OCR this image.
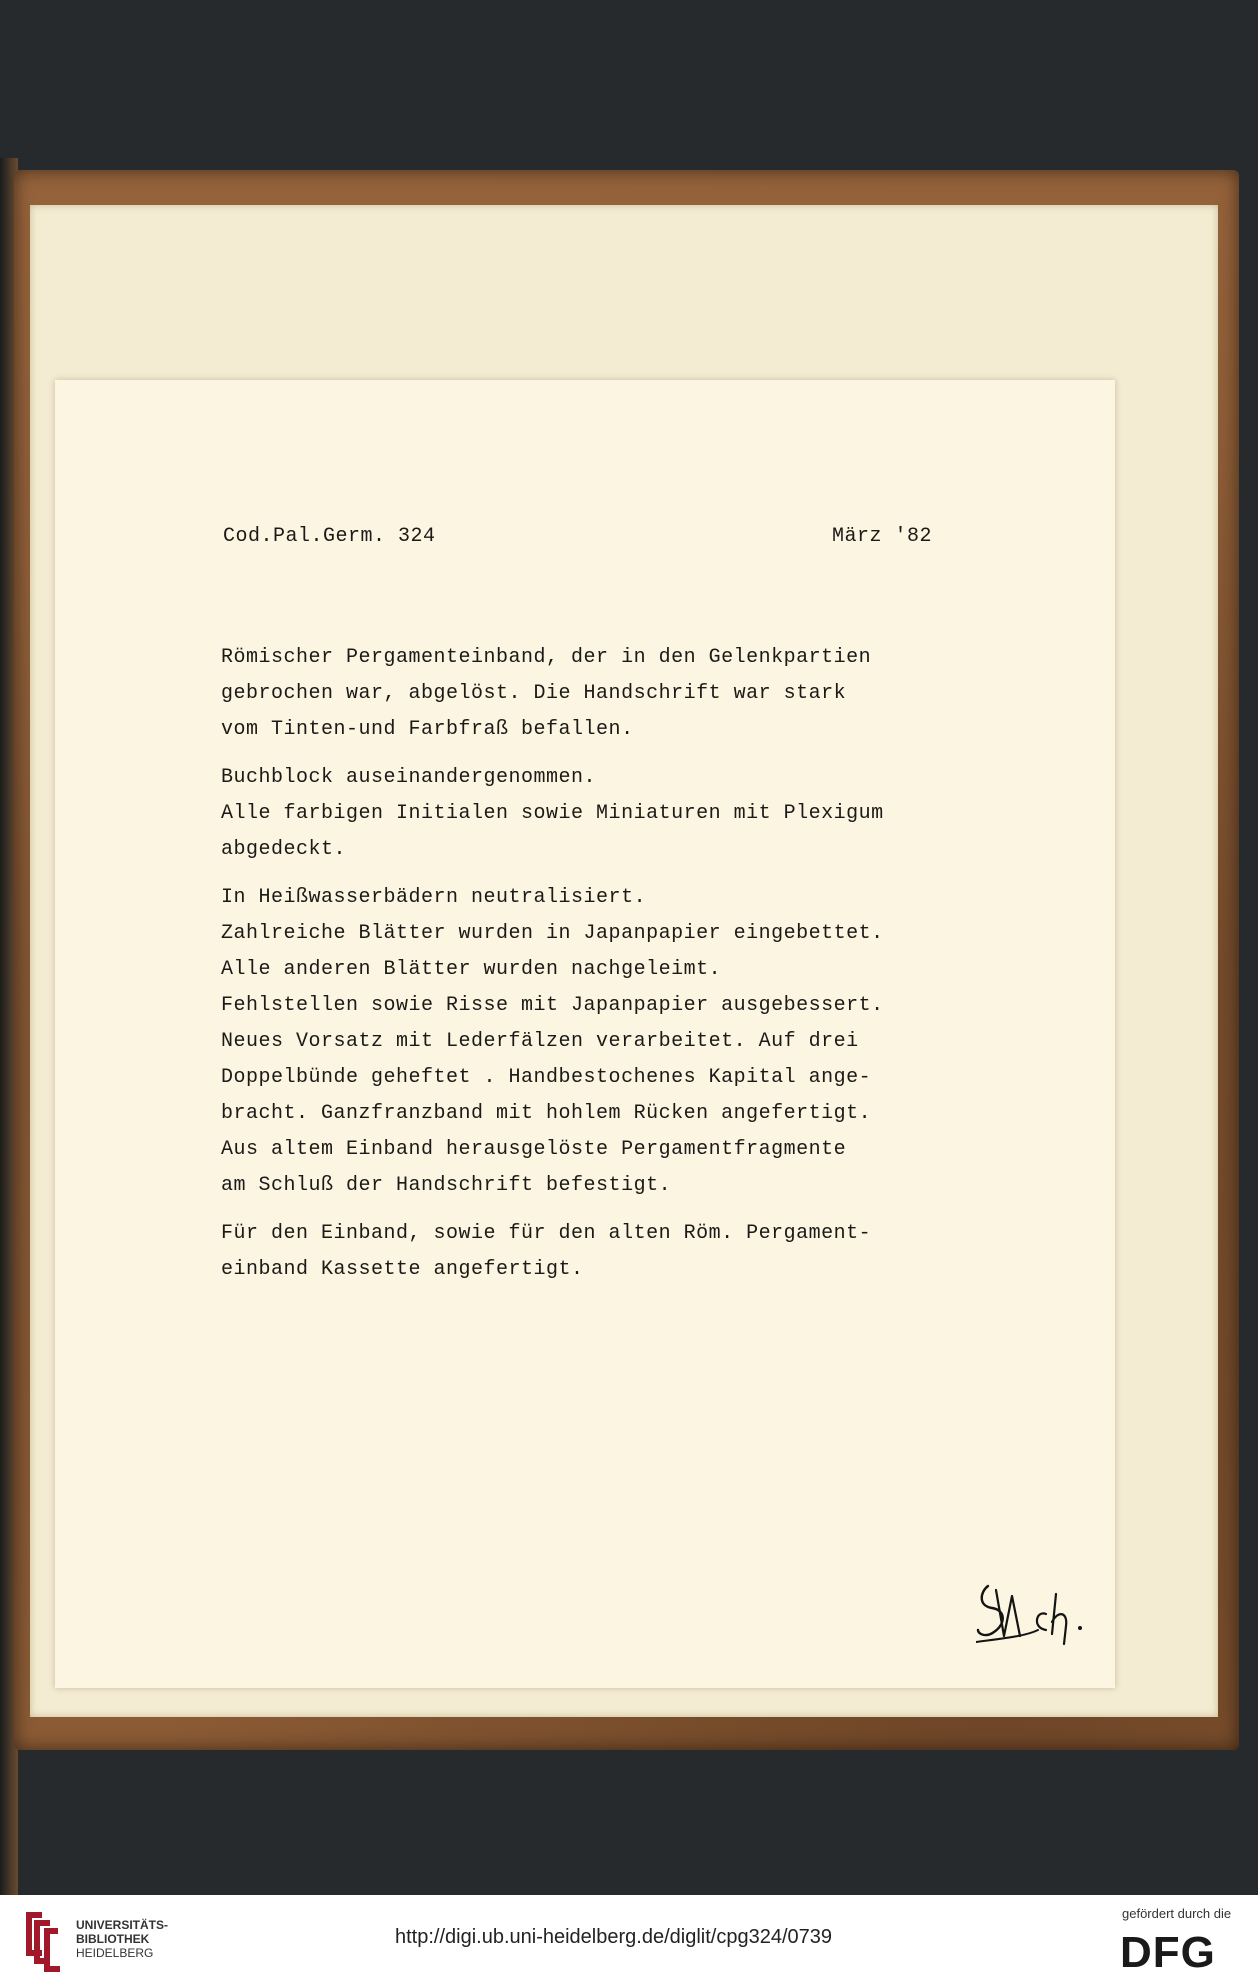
Cod.Pal.Germ. 324	März '82

Römischer Pergamenteinband, der in den Gelenkpartien
gebrochen war, abgelöst. Die Handschrift war stark
vom Tinten-und Farbfraß befallen.

Buchblock auseinandergenommen.
Alle farbigen Initialen sowie Miniaturen mit Plexigum
abgedeckt.

In Heißwasserbädern neutralisiert.
Zahlreiche Blätter wurden in Japanpapier eingebettet.
Alle anderen Blätter wurden nachgeleimt.
Fehlstellen sowie Risse mit Japanpapier ausgebessert.
Neues Vorsatz mit Lederfälzen verarbeitet. Auf drei
Doppelbünde geheftet . Handbestochenes Kapital ange-
bracht. Ganzfranzband mit hohlem Rücken angefertigt.
Aus altem Einband herausgelöste Pergamentfragmente
am Schluß der Handschrift befestigt.

Für den Einband, sowie für den alten Röm. Pergament-
einband Kassette angefertigt.

UNIVERSITÄTS-
BIBLIOTHEK
HEIDELBERG
http://digi.ub.uni-heidelberg.de/diglit/cpg324/0739
gefördert durch die
DFG
